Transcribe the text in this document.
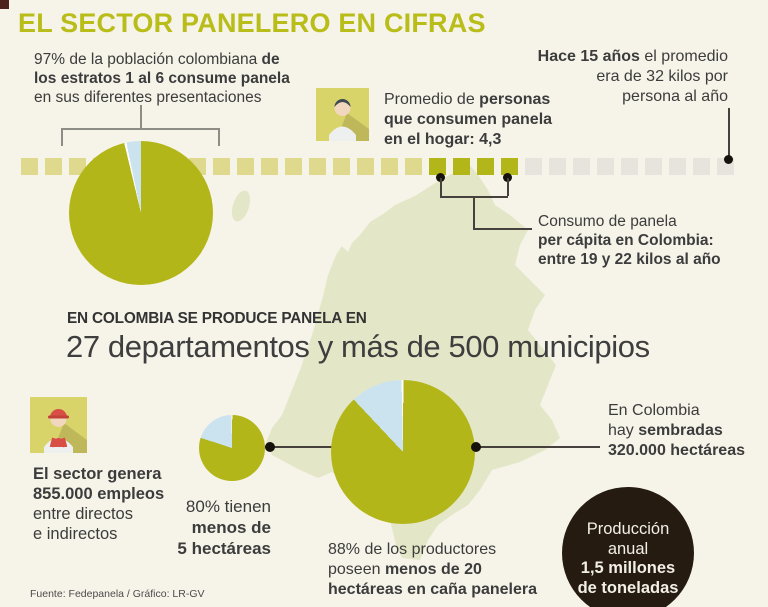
EL SECTOR PANELERO EN CIFRAS
97% de la población colombiana de
los estratos 1 al 6 consume panela
en sus diferentes presentaciones	Promedio de personas
que consumen panela
en el hogar: 4,3
Hace 15 años el promedio
era de 32 kilos por
persona al año
Consumo de panela
per cápita en Colombia:
entre 19 y 22 kilos al año
EN COLOMBIA SE PRODUCE PANELA EN
27 departamentos y más de 500 municipios
El sector genera
855.000 empleos
entre directos
e indirectos
80% tienen
menos de
5 hectáreas	88% de los productores
poseen menos de 20
hectáreas en caña panelera
En Colombia
hay sembradas
320.000 hectáreas
Producción
anual
1,5 millones
de toneladas
Fuente: Fedepanela / Gráfico: LR-GV
